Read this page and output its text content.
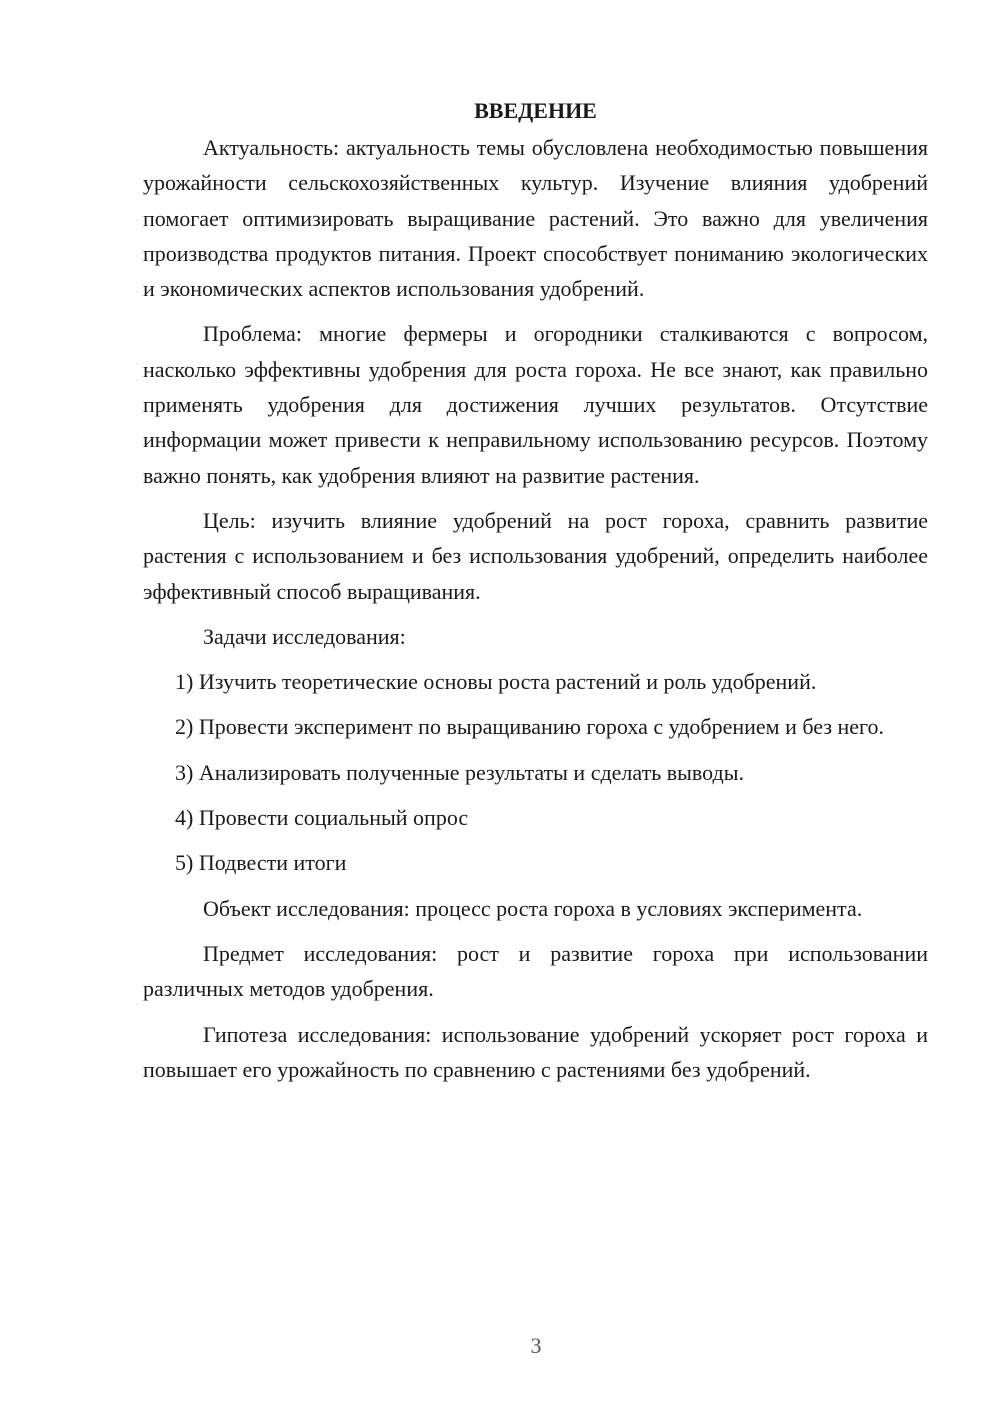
ВВЕДЕНИЕ

Актуальность: актуальность темы обусловлена необходимостью повышения урожайности сельскохозяйственных культур. Изучение влияния удобрений помогает оптимизировать выращивание растений. Это важно для увеличения производства продуктов питания. Проект способствует пониманию экологических и экономических аспектов использования удобрений.

Проблема: многие фермеры и огородники сталкиваются с вопросом, насколько эффективны удобрения для роста гороха. Не все знают, как правильно применять удобрения для достижения лучших результатов. Отсутствие информации может привести к неправильному использованию ресурсов. Поэтому важно понять, как удобрения влияют на развитие растения.

Цель: изучить влияние удобрений на рост гороха, сравнить развитие растения с использованием и без использования удобрений, определить наиболее эффективный способ выращивания.

Задачи исследования:

1) Изучить теоретические основы роста растений и роль удобрений.

2) Провести эксперимент по выращиванию гороха с удобрением и без него.

3) Анализировать полученные результаты и сделать выводы.

4) Провести социальный опрос

5) Подвести итоги

Объект исследования: процесс роста гороха в условиях эксперимента.

Предмет исследования: рост и развитие гороха при использовании различных методов удобрения.

Гипотеза исследования: использование удобрений ускоряет рост гороха и повышает его урожайность по сравнению с растениями без удобрений.

3
